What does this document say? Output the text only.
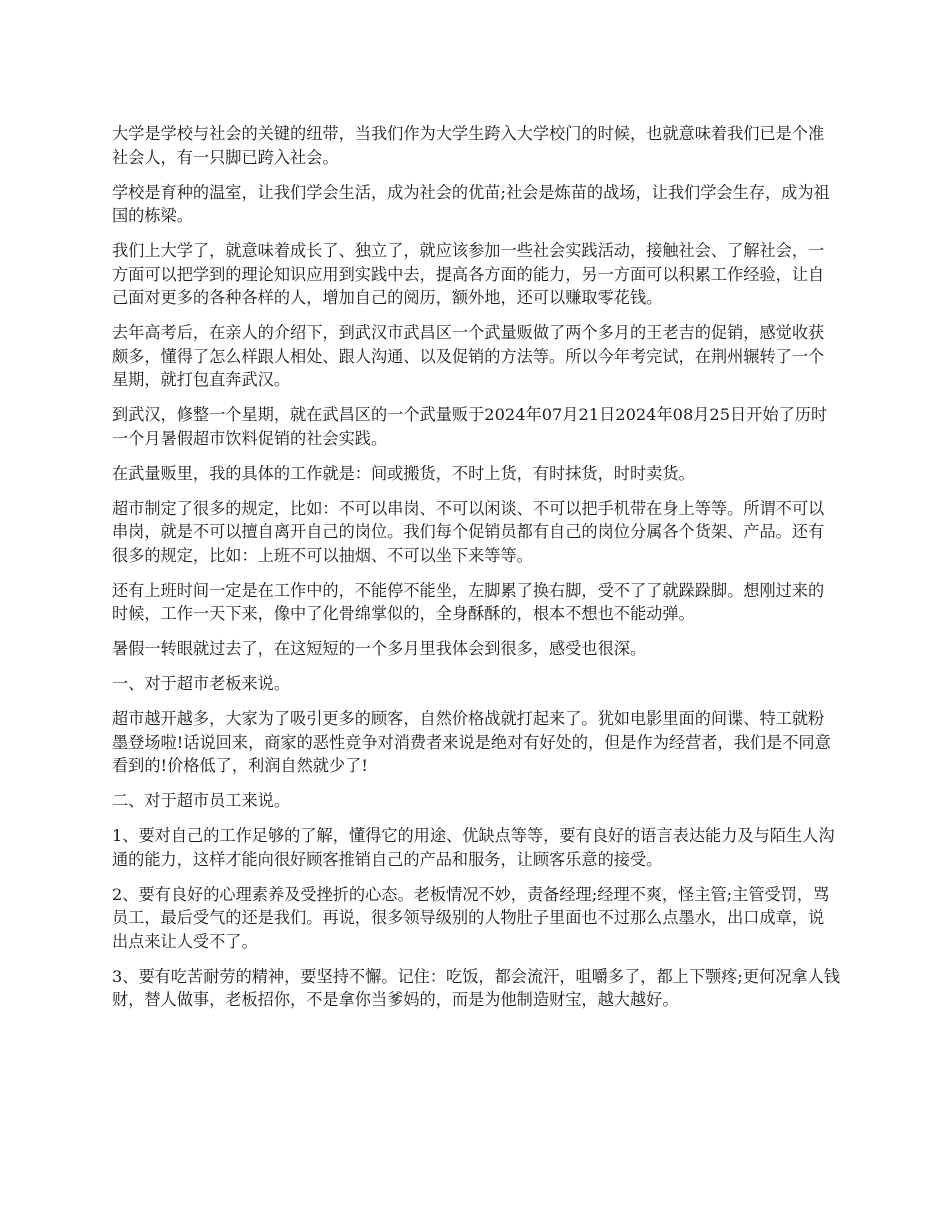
大学是学校与社会的关键的纽带，当我们作为大学生跨入大学校门的时候，也就意味着我们已是个准社会人，有一只脚已跨入社会。

学校是育种的温室，让我们学会生活，成为社会的优苗;社会是炼苗的战场，让我们学会生存，成为祖国的栋梁。

我们上大学了，就意味着成长了、独立了，就应该参加一些社会实践活动，接触社会、了解社会，一方面可以把学到的理论知识应用到实践中去，提高各方面的能力，另一方面可以积累工作经验，让自己面对更多的各种各样的人，增加自己的阅历，额外地，还可以赚取零花钱。

去年高考后，在亲人的介绍下，到武汉市武昌区一个武量贩做了两个多月的王老吉的促销，感觉收获颇多，懂得了怎么样跟人相处、跟人沟通、以及促销的方法等。所以今年考完试，在荆州辗转了一个星期，就打包直奔武汉。

到武汉，修整一个星期，就在武昌区的一个武量贩于2024年07月21日2024年08月25日开始了历时一个月暑假超市饮料促销的社会实践。

在武量贩里，我的具体的工作就是：间或搬货，不时上货，有时抹货，时时卖货。

超市制定了很多的规定，比如：不可以串岗、不可以闲谈、不可以把手机带在身上等等。所谓不可以串岗，就是不可以擅自离开自己的岗位。我们每个促销员都有自己的岗位分属各个货架、产品。还有很多的规定，比如：上班不可以抽烟、不可以坐下来等等。

还有上班时间一定是在工作中的，不能停不能坐，左脚累了换右脚，受不了了就跺跺脚。想刚过来的时候，工作一天下来，像中了化骨绵掌似的，全身酥酥的，根本不想也不能动弹。

暑假一转眼就过去了，在这短短的一个多月里我体会到很多，感受也很深。

一、对于超市老板来说。

超市越开越多，大家为了吸引更多的顾客，自然价格战就打起来了。犹如电影里面的间谍、特工就粉墨登场啦!话说回来，商家的恶性竞争对消费者来说是绝对有好处的，但是作为经营者，我们是不同意看到的!价格低了，利润自然就少了!

二、对于超市员工来说。

1、要对自己的工作足够的了解，懂得它的用途、优缺点等等，要有良好的语言表达能力及与陌生人沟通的能力，这样才能向很好顾客推销自己的产品和服务，让顾客乐意的接受。

2、要有良好的心理素养及受挫折的心态。老板情况不妙，责备经理;经理不爽，怪主管;主管受罚，骂员工，最后受气的还是我们。再说，很多领导级别的人物肚子里面也不过那么点墨水，出口成章，说出点来让人受不了。

3、要有吃苦耐劳的精神，要坚持不懈。记住：吃饭，都会流汗，咀嚼多了，都上下颚疼;更何况拿人钱财，替人做事，老板招你，不是拿你当爹妈的，而是为他制造财宝，越大越好。
